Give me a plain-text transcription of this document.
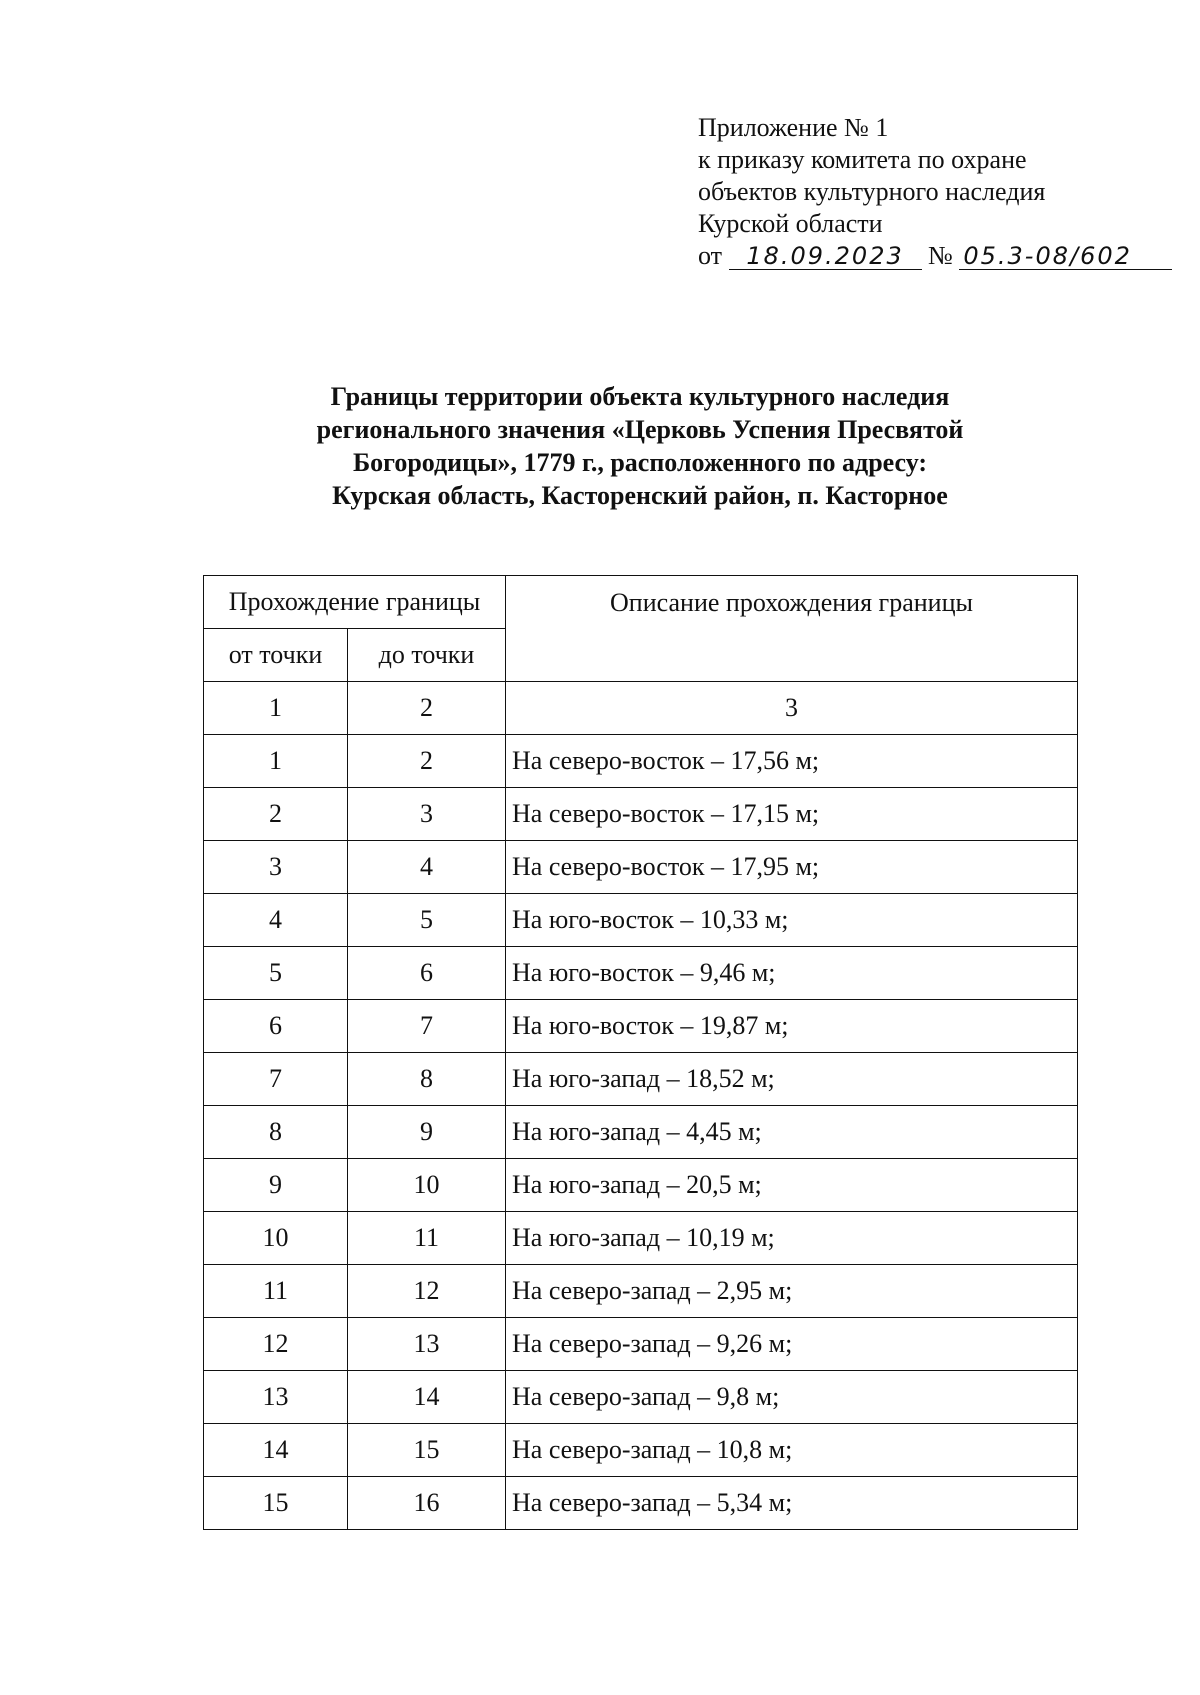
Приложение № 1
к приказу комитета по охране
объектов культурного наследия
Курской области
от 18.09.2023 № 05.3-08/602
Границы территории объекта культурного наследия
регионального значения «Церковь Успения Пресвятой
Богородицы», 1779 г., расположенного по адресу:
Курская область, Касторенский район, п. Касторное
Прохождение границы		Описание прохождения границы
от точки	до точки	
1	2	3
1	2	На северо-восток – 17,56 м;
2	3	На северо-восток – 17,15 м;
3	4	На северо-восток – 17,95 м;
4	5	На юго-восток – 10,33 м;
5	6	На юго-восток – 9,46 м;
6	7	На юго-восток – 19,87 м;
7	8	На юго-запад – 18,52 м;
8	9	На юго-запад – 4,45 м;
9	10	На юго-запад – 20,5 м;
10	11	На юго-запад – 10,19 м;
11	12	На северо-запад – 2,95 м;
12	13	На северо-запад – 9,26 м;
13	14	На северо-запад – 9,8 м;
14	15	На северо-запад – 10,8 м;
15	16	На северо-запад – 5,34 м;
